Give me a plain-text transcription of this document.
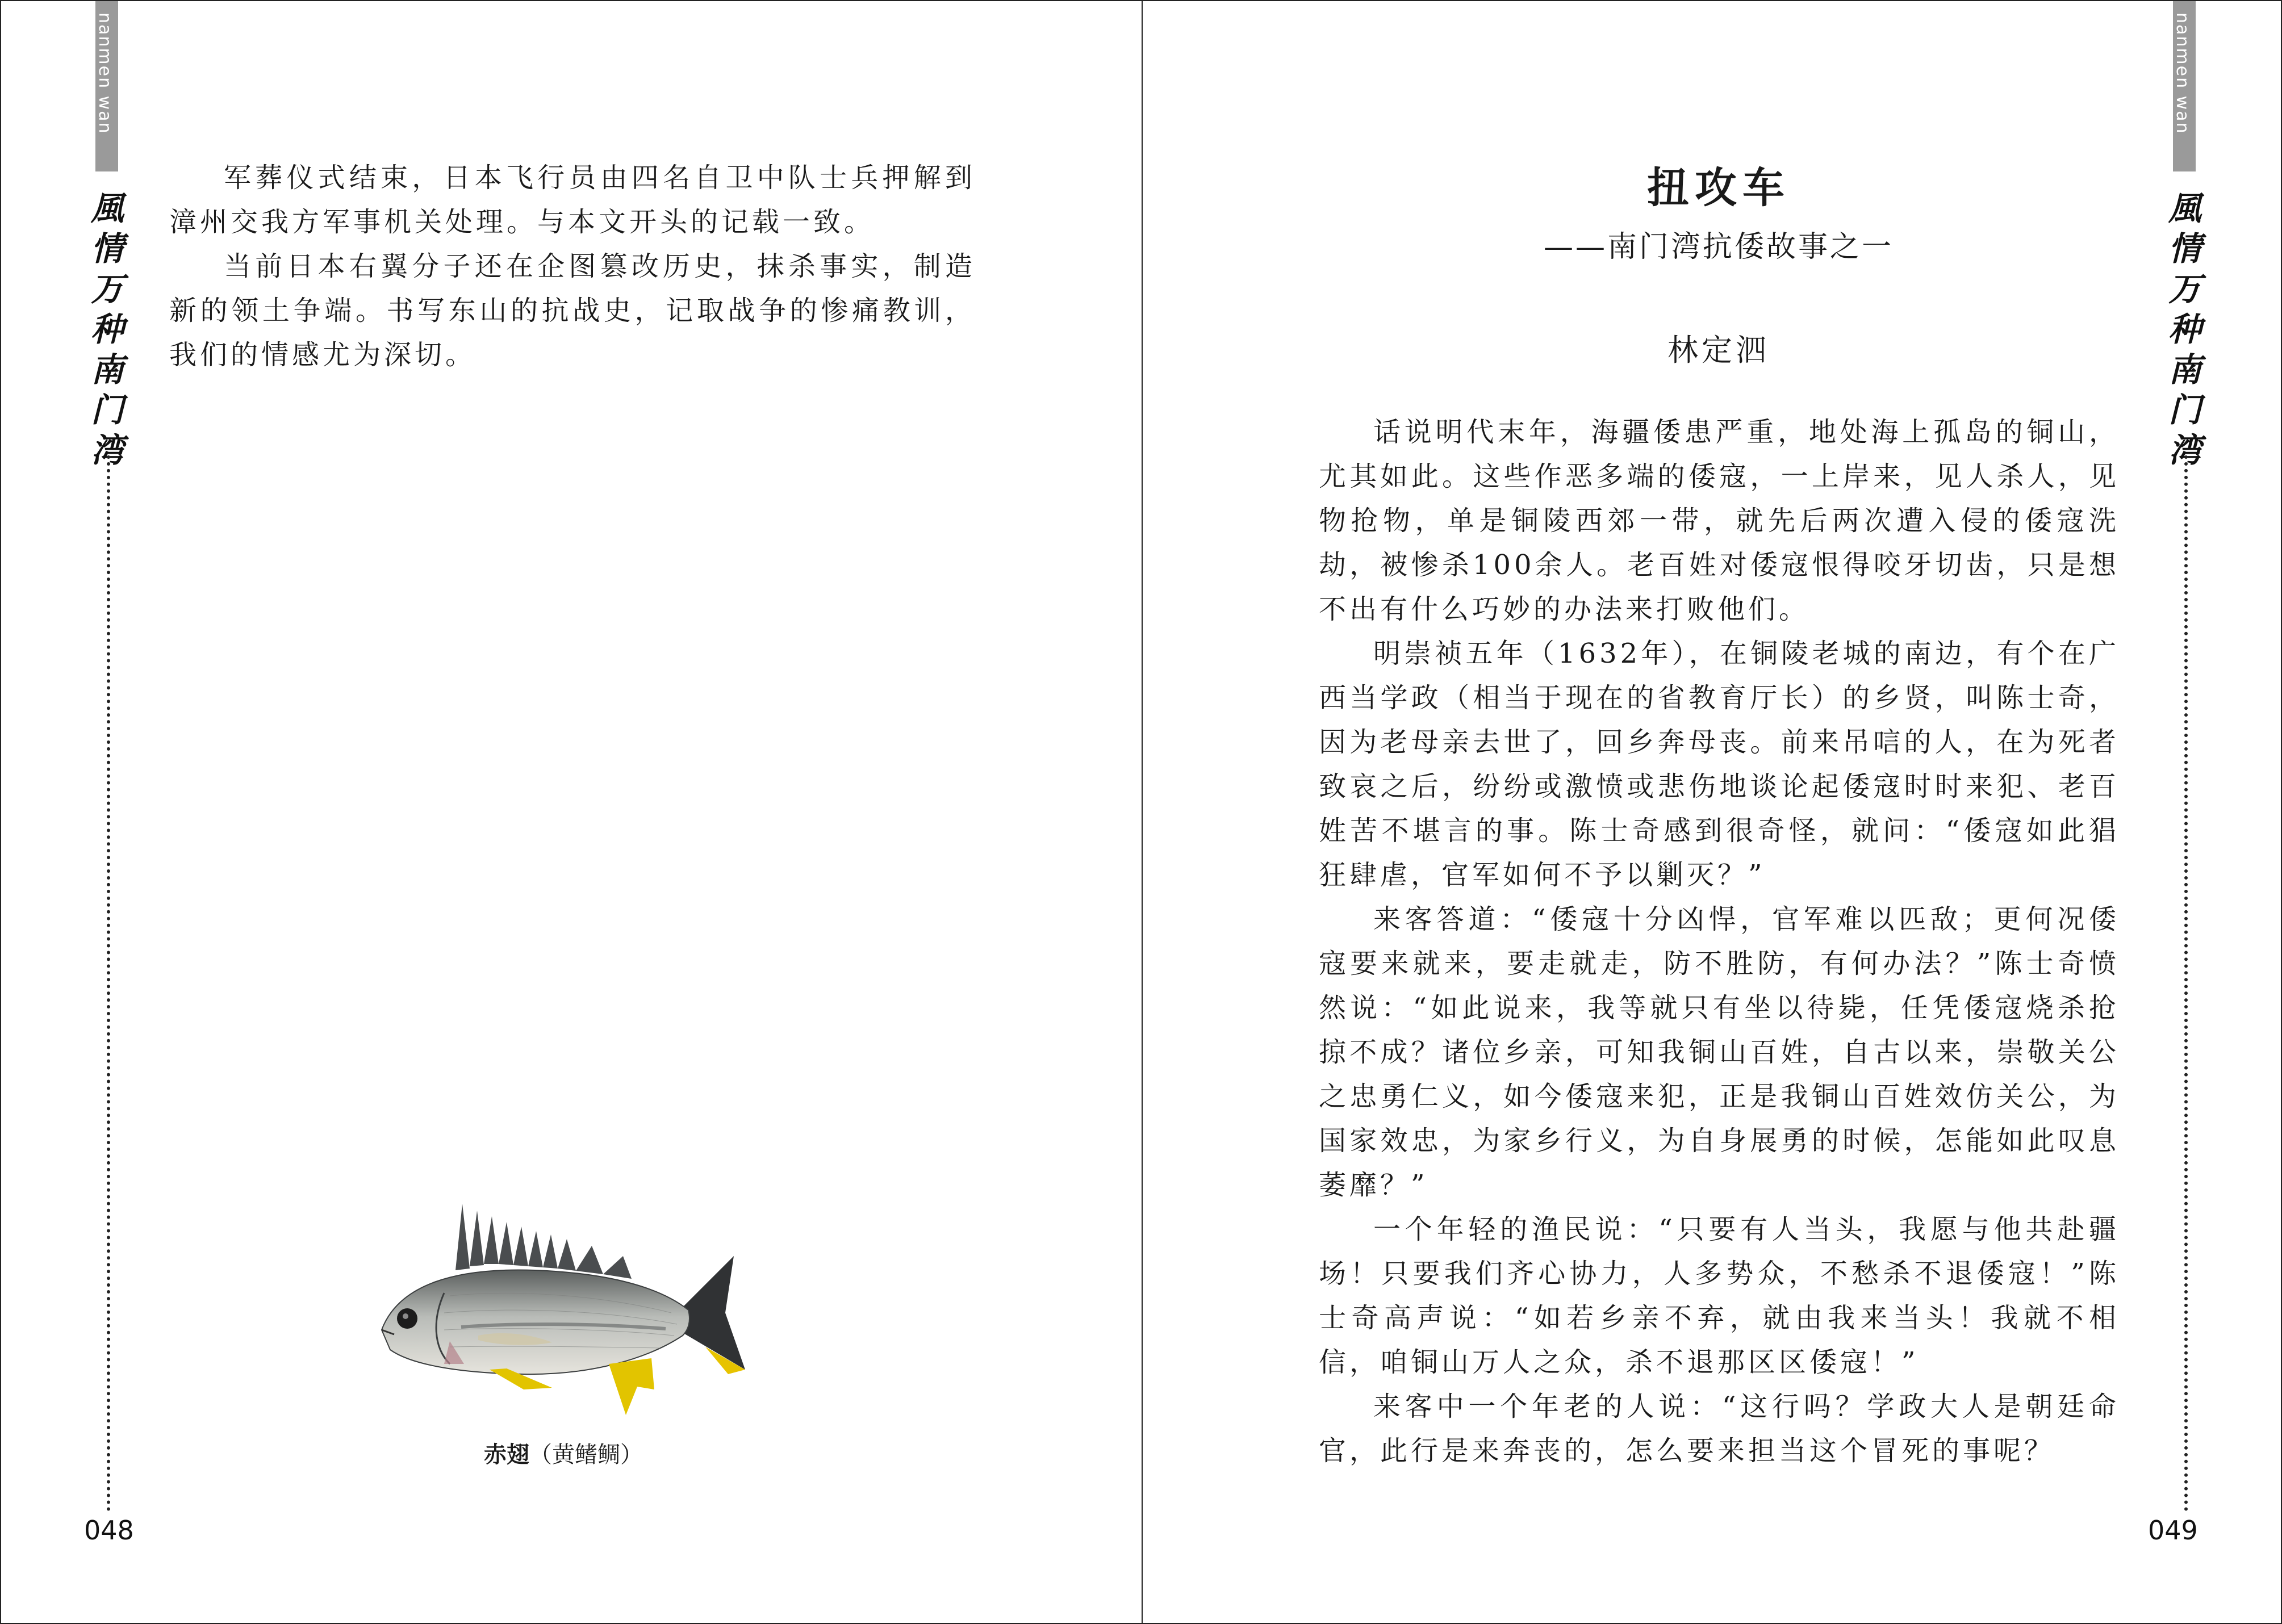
nanmen wan
風
情
万
种
南
门
湾

军葬仪式结束，日本飞行员由四名自卫中队士兵押解到漳州交我方军事机关处理。与本文开头的记载一致。

当前日本右翼分子还在企图篡改历史，抹杀事实，制造新的领土争端。书写东山的抗战史，记取战争的惨痛教训，我们的情感尤为深切。

赤翅（黄鳍鲷）
048
nanmen wan
風
情
万
种
南
门
湾
049
扭攻车
——南门湾抗倭故事之一
林定泗

话说明代末年，海疆倭患严重，地处海上孤岛的铜山，尤其如此。这些作恶多端的倭寇，一上岸来，见人杀人，见物抢物，单是铜陵西郊一带，就先后两次遭入侵的倭寇洗劫，被惨杀100余人。老百姓对倭寇恨得咬牙切齿，只是想不出有什么巧妙的办法来打败他们。

明崇祯五年（1632年），在铜陵老城的南边，有个在广西当学政（相当于现在的省教育厅长）的乡贤，叫陈士奇，因为老母亲去世了，回乡奔母丧。前来吊唁的人，在为死者致哀之后，纷纷或激愤或悲伤地谈论起倭寇时时来犯、老百姓苦不堪言的事。陈士奇感到很奇怪，就问：“倭寇如此猖狂肆虐，官军如何不予以剿灭？”

来客答道：“倭寇十分凶悍，官军难以匹敌；更何况倭寇要来就来，要走就走，防不胜防，有何办法？”陈士奇愤然说：“如此说来，我等就只有坐以待毙，任凭倭寇烧杀抢掠不成？诸位乡亲，可知我铜山百姓，自古以来，崇敬关公之忠勇仁义，如今倭寇来犯，正是我铜山百姓效仿关公，为国家效忠，为家乡行义，为自身展勇的时候，怎能如此叹息萎靡？”

一个年轻的渔民说：“只要有人当头，我愿与他共赴疆场！只要我们齐心协力，人多势众，不愁杀不退倭寇！”陈士奇高声说：“如若乡亲不弃，就由我来当头！我就不相信，咱铜山万人之众，杀不退那区区倭寇！”

来客中一个年老的人说：“这行吗？学政大人是朝廷命官，此行是来奔丧的，怎么要来担当这个冒死的事呢？
